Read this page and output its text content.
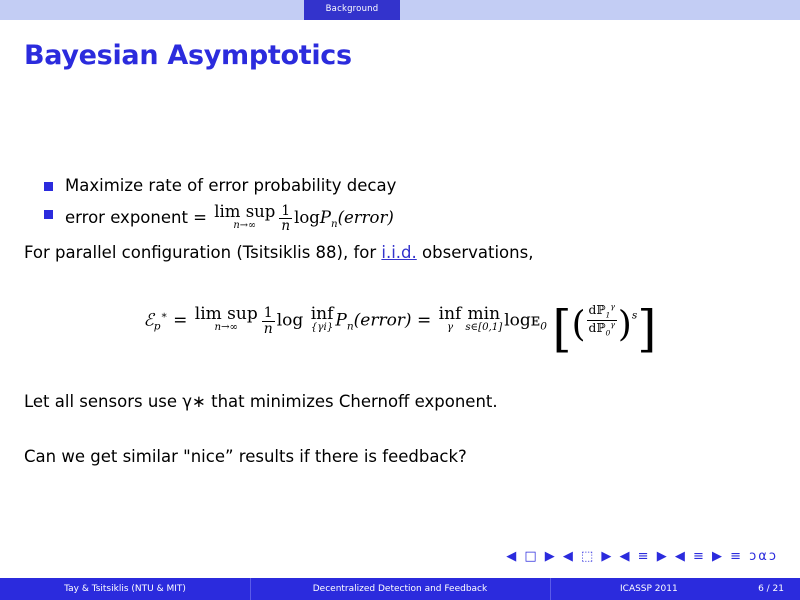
Background
Bayesian Asymptotics
Maximize rate of error probability decay
error exponent = lim sup
n→∞	$\frac{1}{n}$ logP$_n$(error)
For parallel configuration (Tsitsiklis 88), for i.i.d. observations,
ℰ$_p$∗ = lim sup
n→∞	$\frac{1}{n}$ log inf
{γi} $P_n(error)$ = inf
γ
min
s∈[0,1] logᴇ$_0$ [( $\frac{dℙ_1^\gamma}{dℙ_0^\gamma} )^s$]
Let all sensors use γ∗ that minimizes Chernoff exponent.
Can we get similar "nice” results if there is feedback?
◀ □ ▶ ◀ ⬚ ▶ ◀ ≡ ▶ ◀ ≡ ▶ ≡ ɔαɔ
Tay & Tsitsiklis (NTU & MIT)	Decentralized Detection and Feedback	ICASSP 2011	6 / 21
